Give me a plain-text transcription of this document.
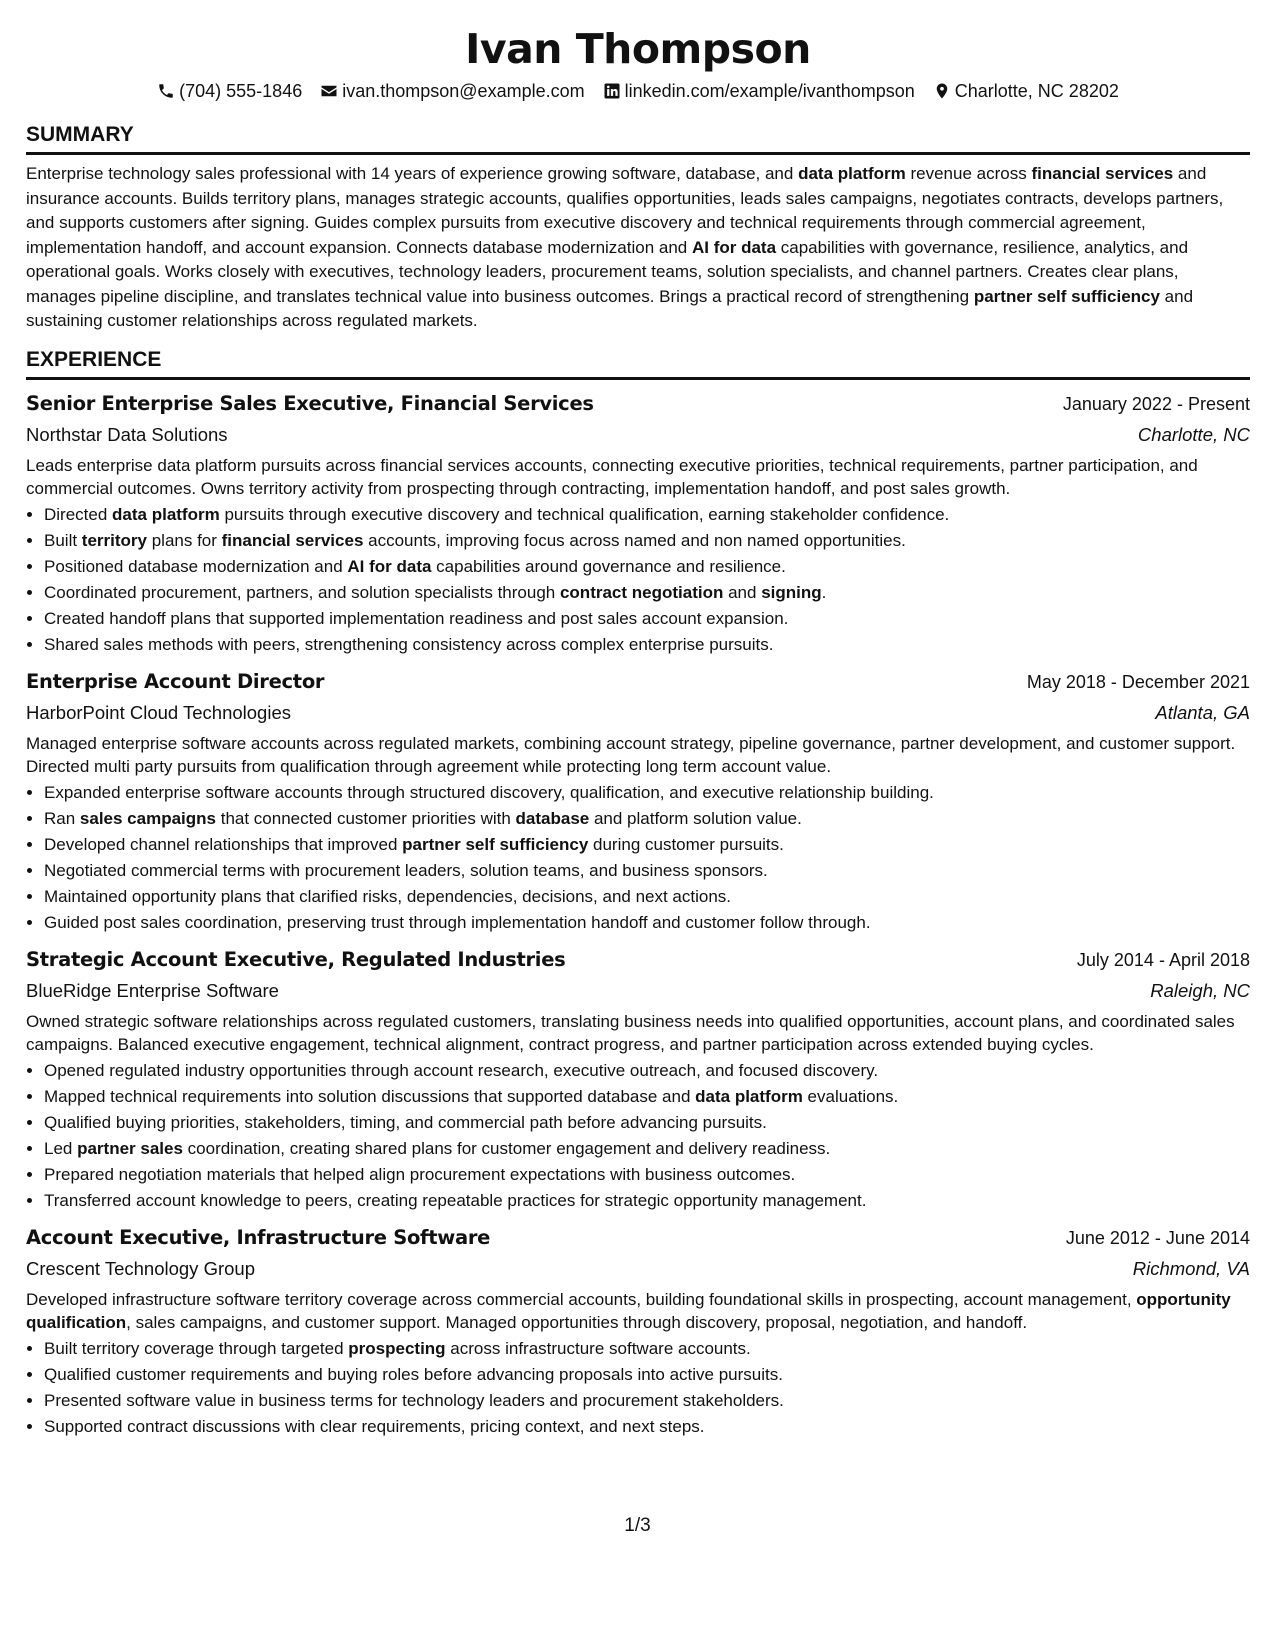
Ivan Thompson
(704) 555-1846 ivan.thompson@example.com linkedin.com/example/ivanthompson Charlotte, NC 28202
SUMMARY

Enterprise technology sales professional with 14 years of experience growing software, database, and data platform revenue across financial services and insurance accounts. Builds territory plans, manages strategic accounts, qualifies opportunities, leads sales campaigns, negotiates contracts, develops partners, and supports customers after signing. Guides complex pursuits from executive discovery and technical requirements through commercial agreement, implementation handoff, and account expansion. Connects database modernization and AI for data capabilities with governance, resilience, analytics, and operational goals. Works closely with executives, technology leaders, procurement teams, solution specialists, and channel partners. Creates clear plans, manages pipeline discipline, and translates technical value into business outcomes. Brings a practical record of strengthening partner self sufficiency and sustaining customer relationships across regulated markets.

EXPERIENCE
Senior Enterprise Sales Executive, Financial Services	January 2022 - Present
Northstar Data Solutions	Charlotte, NC

Leads enterprise data platform pursuits across financial services accounts, connecting executive priorities, technical requirements, partner participation, and commercial outcomes. Owns territory activity from prospecting through contracting, implementation handoff, and post sales growth.

• Directed data platform pursuits through executive discovery and technical qualification, earning stakeholder confidence.
• Built territory plans for financial services accounts, improving focus across named and non named opportunities.
• Positioned database modernization and AI for data capabilities around governance and resilience.
• Coordinated procurement, partners, and solution specialists through contract negotiation and signing.
• Created handoff plans that supported implementation readiness and post sales account expansion.
• Shared sales methods with peers, strengthening consistency across complex enterprise pursuits.
Enterprise Account Director	May 2018 - December 2021
HarborPoint Cloud Technologies	Atlanta, GA

Managed enterprise software accounts across regulated markets, combining account strategy, pipeline governance, partner development, and customer support. Directed multi party pursuits from qualification through agreement while protecting long term account value.

• Expanded enterprise software accounts through structured discovery, qualification, and executive relationship building.
• Ran sales campaigns that connected customer priorities with database and platform solution value.
• Developed channel relationships that improved partner self sufficiency during customer pursuits.
• Negotiated commercial terms with procurement leaders, solution teams, and business sponsors.
• Maintained opportunity plans that clarified risks, dependencies, decisions, and next actions.
• Guided post sales coordination, preserving trust through implementation handoff and customer follow through.
Strategic Account Executive, Regulated Industries	July 2014 - April 2018
BlueRidge Enterprise Software	Raleigh, NC

Owned strategic software relationships across regulated customers, translating business needs into qualified opportunities, account plans, and coordinated sales campaigns. Balanced executive engagement, technical alignment, contract progress, and partner participation across extended buying cycles.

• Opened regulated industry opportunities through account research, executive outreach, and focused discovery.
• Mapped technical requirements into solution discussions that supported database and data platform evaluations.
• Qualified buying priorities, stakeholders, timing, and commercial path before advancing pursuits.
• Led partner sales coordination, creating shared plans for customer engagement and delivery readiness.
• Prepared negotiation materials that helped align procurement expectations with business outcomes.
• Transferred account knowledge to peers, creating repeatable practices for strategic opportunity management.
Account Executive, Infrastructure Software	June 2012 - June 2014
Crescent Technology Group	Richmond, VA

Developed infrastructure software territory coverage across commercial accounts, building foundational skills in prospecting, account management, opportunity qualification, sales campaigns, and customer support. Managed opportunities through discovery, proposal, negotiation, and handoff.

• Built territory coverage through targeted prospecting across infrastructure software accounts.
• Qualified customer requirements and buying roles before advancing proposals into active pursuits.
• Presented software value in business terms for technology leaders and procurement stakeholders.
• Supported contract discussions with clear requirements, pricing context, and next steps.
1/3
